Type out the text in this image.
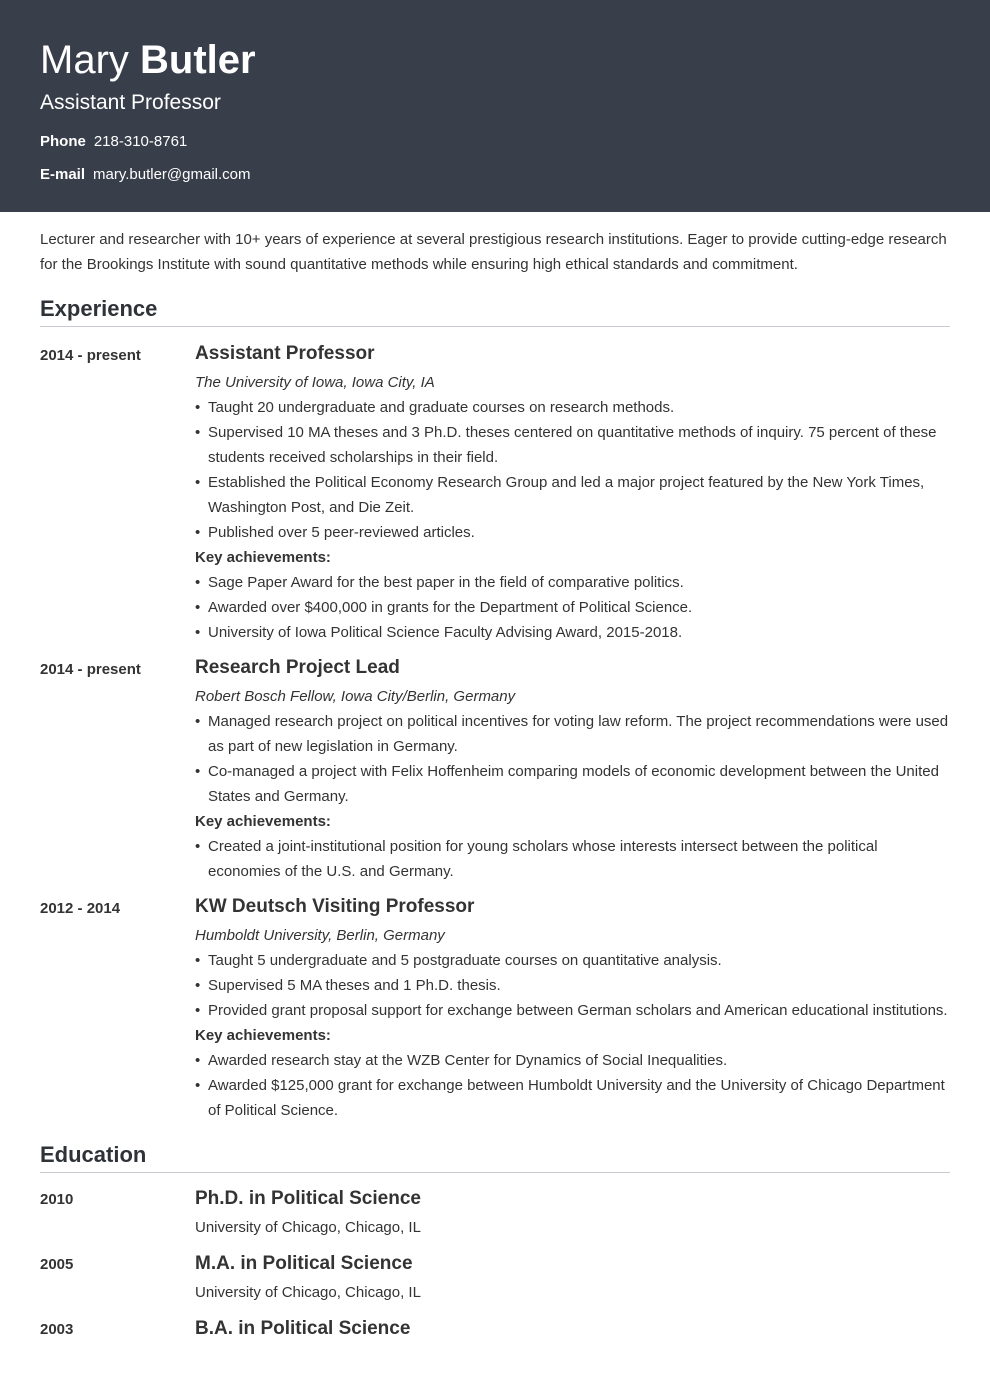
Mary Butler
Assistant Professor
Phone 218-310-8761
E-mail mary.butler@gmail.com

Lecturer and researcher with 10+ years of experience at several prestigious research institutions. Eager to provide cutting-edge research for the Brookings Institute with sound quantitative methods while ensuring high ethical standards and commitment.

Experience
2014 - present	Assistant Professor
The University of Iowa, Iowa City, IA
• Taught 20 undergraduate and graduate courses on research methods.
• Supervised 10 MA theses and 3 Ph.D. theses centered on quantitative methods of inquiry. 75 percent of these students received scholarships in their field.
• Established the Political Economy Research Group and led a major project featured by the New York Times, Washington Post, and Die Zeit.
• Published over 5 peer-reviewed articles.
Key achievements:
• Sage Paper Award for the best paper in the field of comparative politics.
• Awarded over $400,000 in grants for the Department of Political Science.
• University of Iowa Political Science Faculty Advising Award, 2015-2018.
2014 - present	Research Project Lead
Robert Bosch Fellow, Iowa City/Berlin, Germany
• Managed research project on political incentives for voting law reform. The project recommendations were used as part of new legislation in Germany.
• Co-managed a project with Felix Hoffenheim comparing models of economic development between the United States and Germany.
Key achievements:
• Created a joint-institutional position for young scholars whose interests intersect between the political economies of the U.S. and Germany.
2012 - 2014	KW Deutsch Visiting Professor
Humboldt University, Berlin, Germany
• Taught 5 undergraduate and 5 postgraduate courses on quantitative analysis.
• Supervised 5 MA theses and 1 Ph.D. thesis.
• Provided grant proposal support for exchange between German scholars and American educational institutions.
Key achievements:
• Awarded research stay at the WZB Center for Dynamics of Social Inequalities.
• Awarded $125,000 grant for exchange between Humboldt University and the University of Chicago Department of Political Science.
Education
2010	Ph.D. in Political Science
University of Chicago, Chicago, IL
2005	M.A. in Political Science
University of Chicago, Chicago, IL
2003	B.A. in Political Science
